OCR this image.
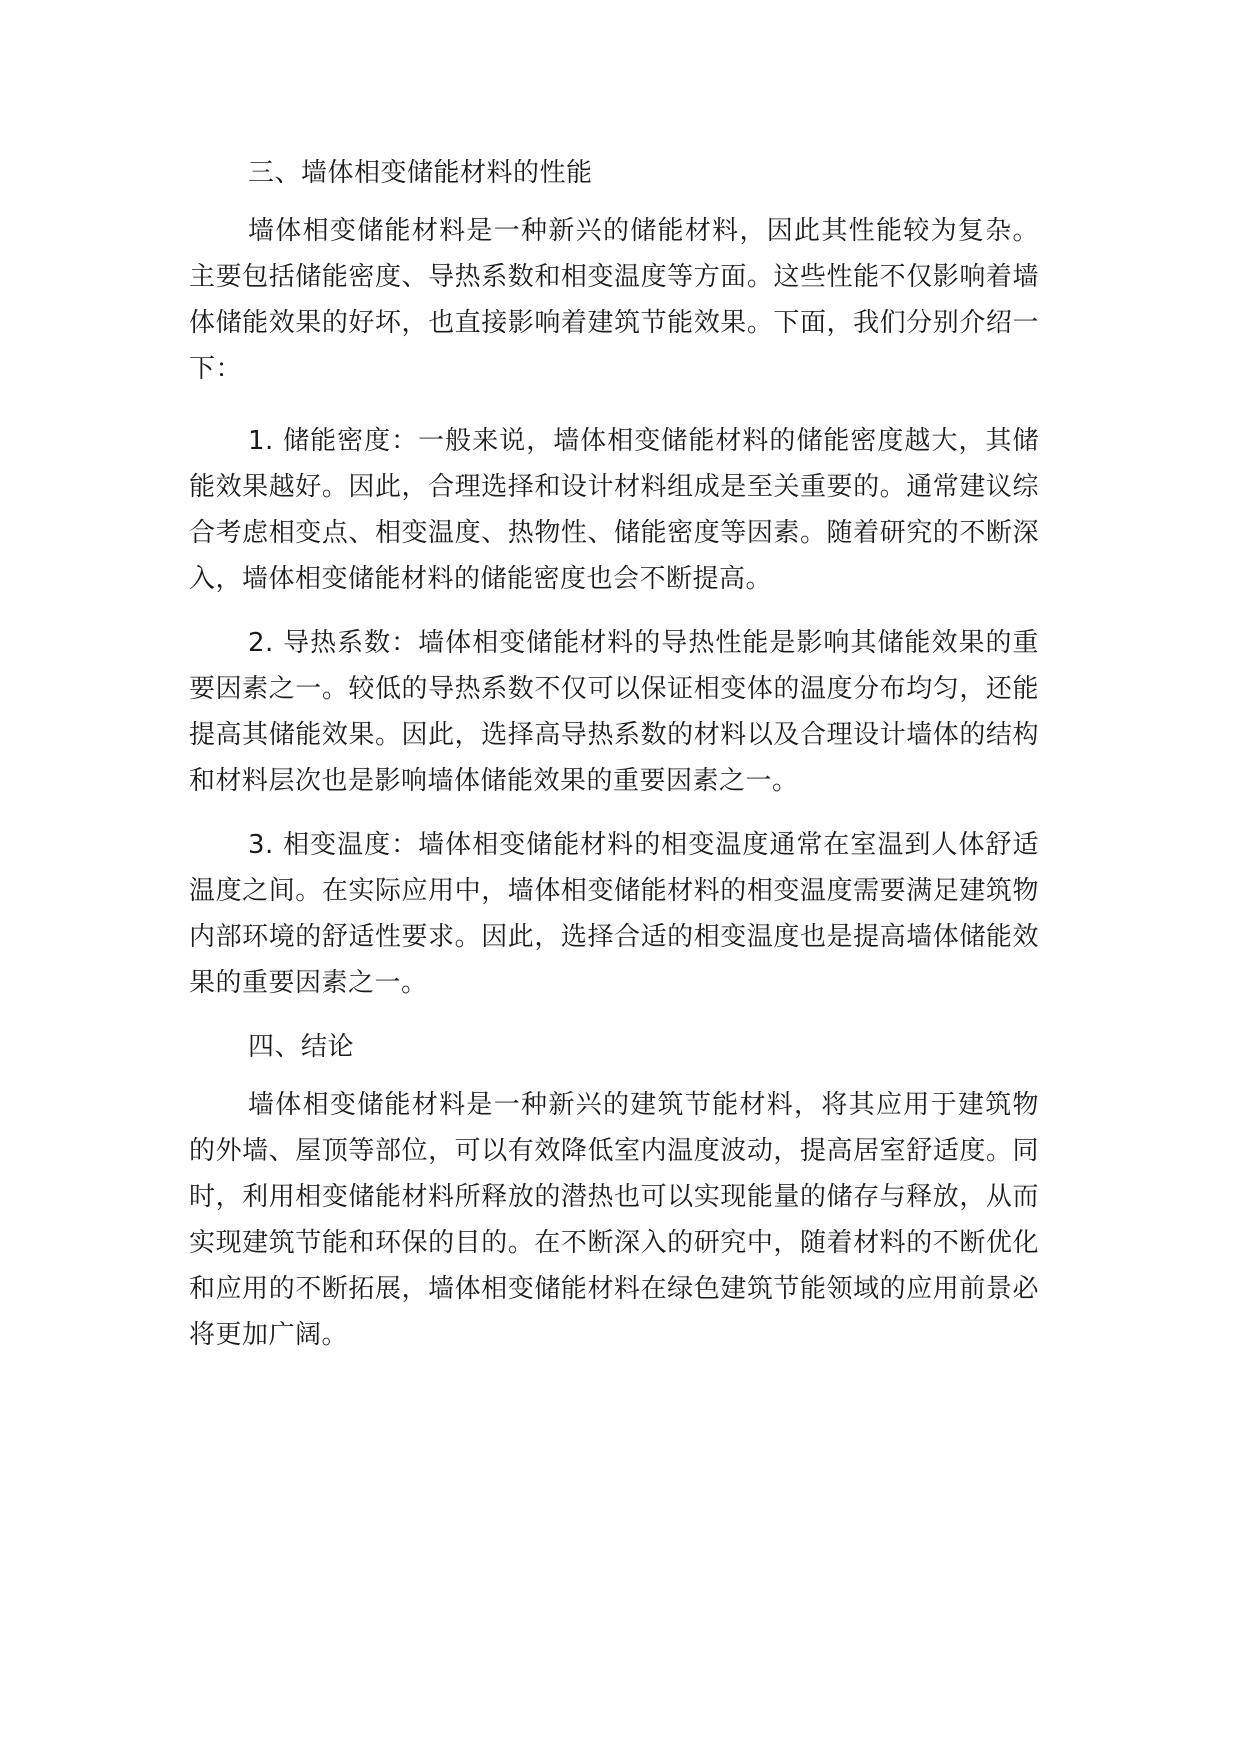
三、墙体相变储能材料的性能

墙体相变储能材料是一种新兴的储能材料，因此其性能较为复杂。主要包括储能密度、导热系数和相变温度等方面。这些性能不仅影响着墙体储能效果的好坏，也直接影响着建筑节能效果。下面，我们分别介绍一下：

1. 储能密度：一般来说，墙体相变储能材料的储能密度越大，其储能效果越好。因此，合理选择和设计材料组成是至关重要的。通常建议综合考虑相变点、相变温度、热物性、储能密度等因素。随着研究的不断深入，墙体相变储能材料的储能密度也会不断提高。

2. 导热系数：墙体相变储能材料的导热性能是影响其储能效果的重要因素之一。较低的导热系数不仅可以保证相变体的温度分布均匀，还能提高其储能效果。因此，选择高导热系数的材料以及合理设计墙体的结构和材料层次也是影响墙体储能效果的重要因素之一。

3. 相变温度：墙体相变储能材料的相变温度通常在室温到人体舒适温度之间。在实际应用中，墙体相变储能材料的相变温度需要满足建筑物内部环境的舒适性要求。因此，选择合适的相变温度也是提高墙体储能效果的重要因素之一。

四、结论

墙体相变储能材料是一种新兴的建筑节能材料，将其应用于建筑物的外墙、屋顶等部位，可以有效降低室内温度波动，提高居室舒适度。同时，利用相变储能材料所释放的潜热也可以实现能量的储存与释放，从而实现建筑节能和环保的目的。在不断深入的研究中，随着材料的不断优化和应用的不断拓展，墙体相变储能材料在绿色建筑节能领域的应用前景必将更加广阔。
